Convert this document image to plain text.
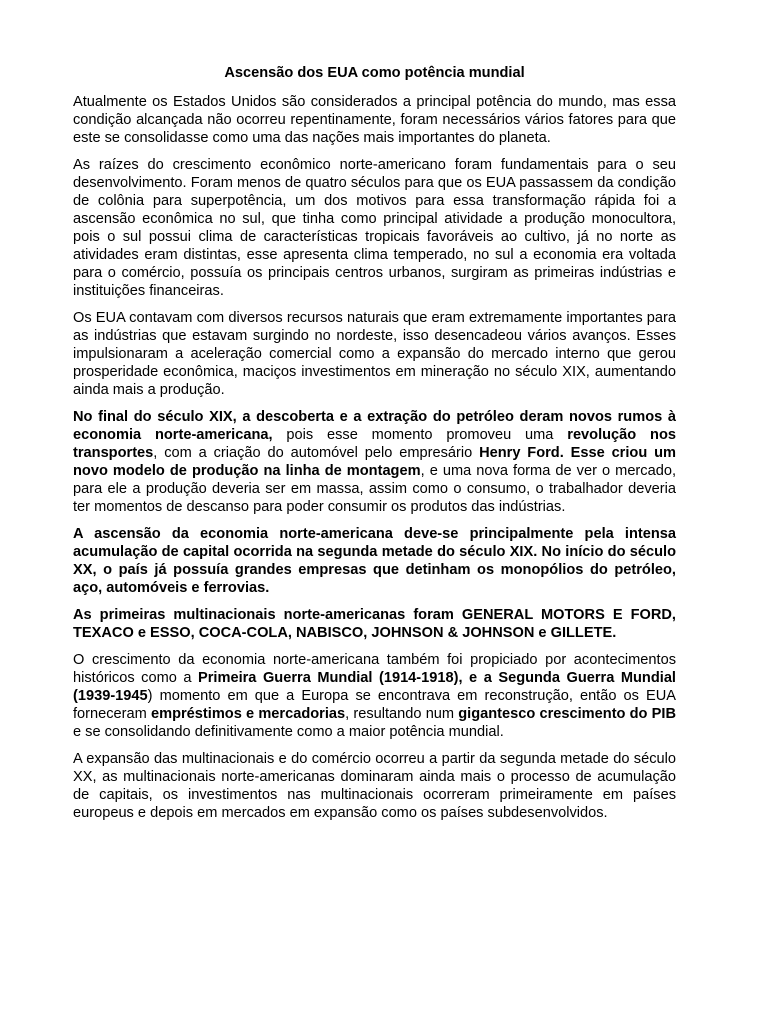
Ascensão dos EUA como potência mundial

Atualmente os Estados Unidos são considerados a principal potência do mundo, mas essa condição alcançada não ocorreu repentinamente, foram necessários vários fatores para que este se consolidasse como uma das nações mais importantes do planeta.

As raízes do crescimento econômico norte-americano foram fundamentais para o seu desenvolvimento. Foram menos de quatro séculos para que os EUA passassem da condição de colônia para superpotência, um dos motivos para essa transformação rápida foi a ascensão econômica no sul, que tinha como principal atividade a produção monocultora, pois o sul possui clima de características tropicais favoráveis ao cultivo, já no norte as atividades eram distintas, esse apresenta clima temperado, no sul a economia era voltada para o comércio, possuía os principais centros urbanos, surgiram as primeiras indústrias e instituições financeiras.

Os EUA contavam com diversos recursos naturais que eram extremamente importantes para as indústrias que estavam surgindo no nordeste, isso desencadeou vários avanços. Esses impulsionaram a aceleração comercial como a expansão do mercado interno que gerou prosperidade econômica, maciços investimentos em mineração no século XIX, aumentando ainda mais a produção.

No final do século XIX, a descoberta e a extração do petróleo deram novos rumos à economia norte-americana, pois esse momento promoveu uma revolução nos transportes, com a criação do automóvel pelo empresário Henry Ford. Esse criou um novo modelo de produção na linha de montagem, e uma nova forma de ver o mercado, para ele a produção deveria ser em massa, assim como o consumo, o trabalhador deveria ter momentos de descanso para poder consumir os produtos das indústrias.

A ascensão da economia norte-americana deve-se principalmente pela intensa acumulação de capital ocorrida na segunda metade do século XIX. No início do século XX, o país já possuía grandes empresas que detinham os monopólios do petróleo, aço, automóveis e ferrovias.

As primeiras multinacionais norte-americanas foram GENERAL MOTORS E FORD, TEXACO e ESSO, COCA-COLA, NABISCO, JOHNSON & JOHNSON e GILLETE.

O crescimento da economia norte-americana também foi propiciado por acontecimentos históricos como a Primeira Guerra Mundial (1914-1918), e a Segunda Guerra Mundial (1939-1945) momento em que a Europa se encontrava em reconstrução, então os EUA forneceram empréstimos e mercadorias, resultando num gigantesco crescimento do PIB e se consolidando definitivamente como a maior potência mundial.

A expansão das multinacionais e do comércio ocorreu a partir da segunda metade do século XX, as multinacionais norte-americanas dominaram ainda mais o processo de acumulação de capitais, os investimentos nas multinacionais ocorreram primeiramente em países europeus e depois em mercados em expansão como os países subdesenvolvidos.
